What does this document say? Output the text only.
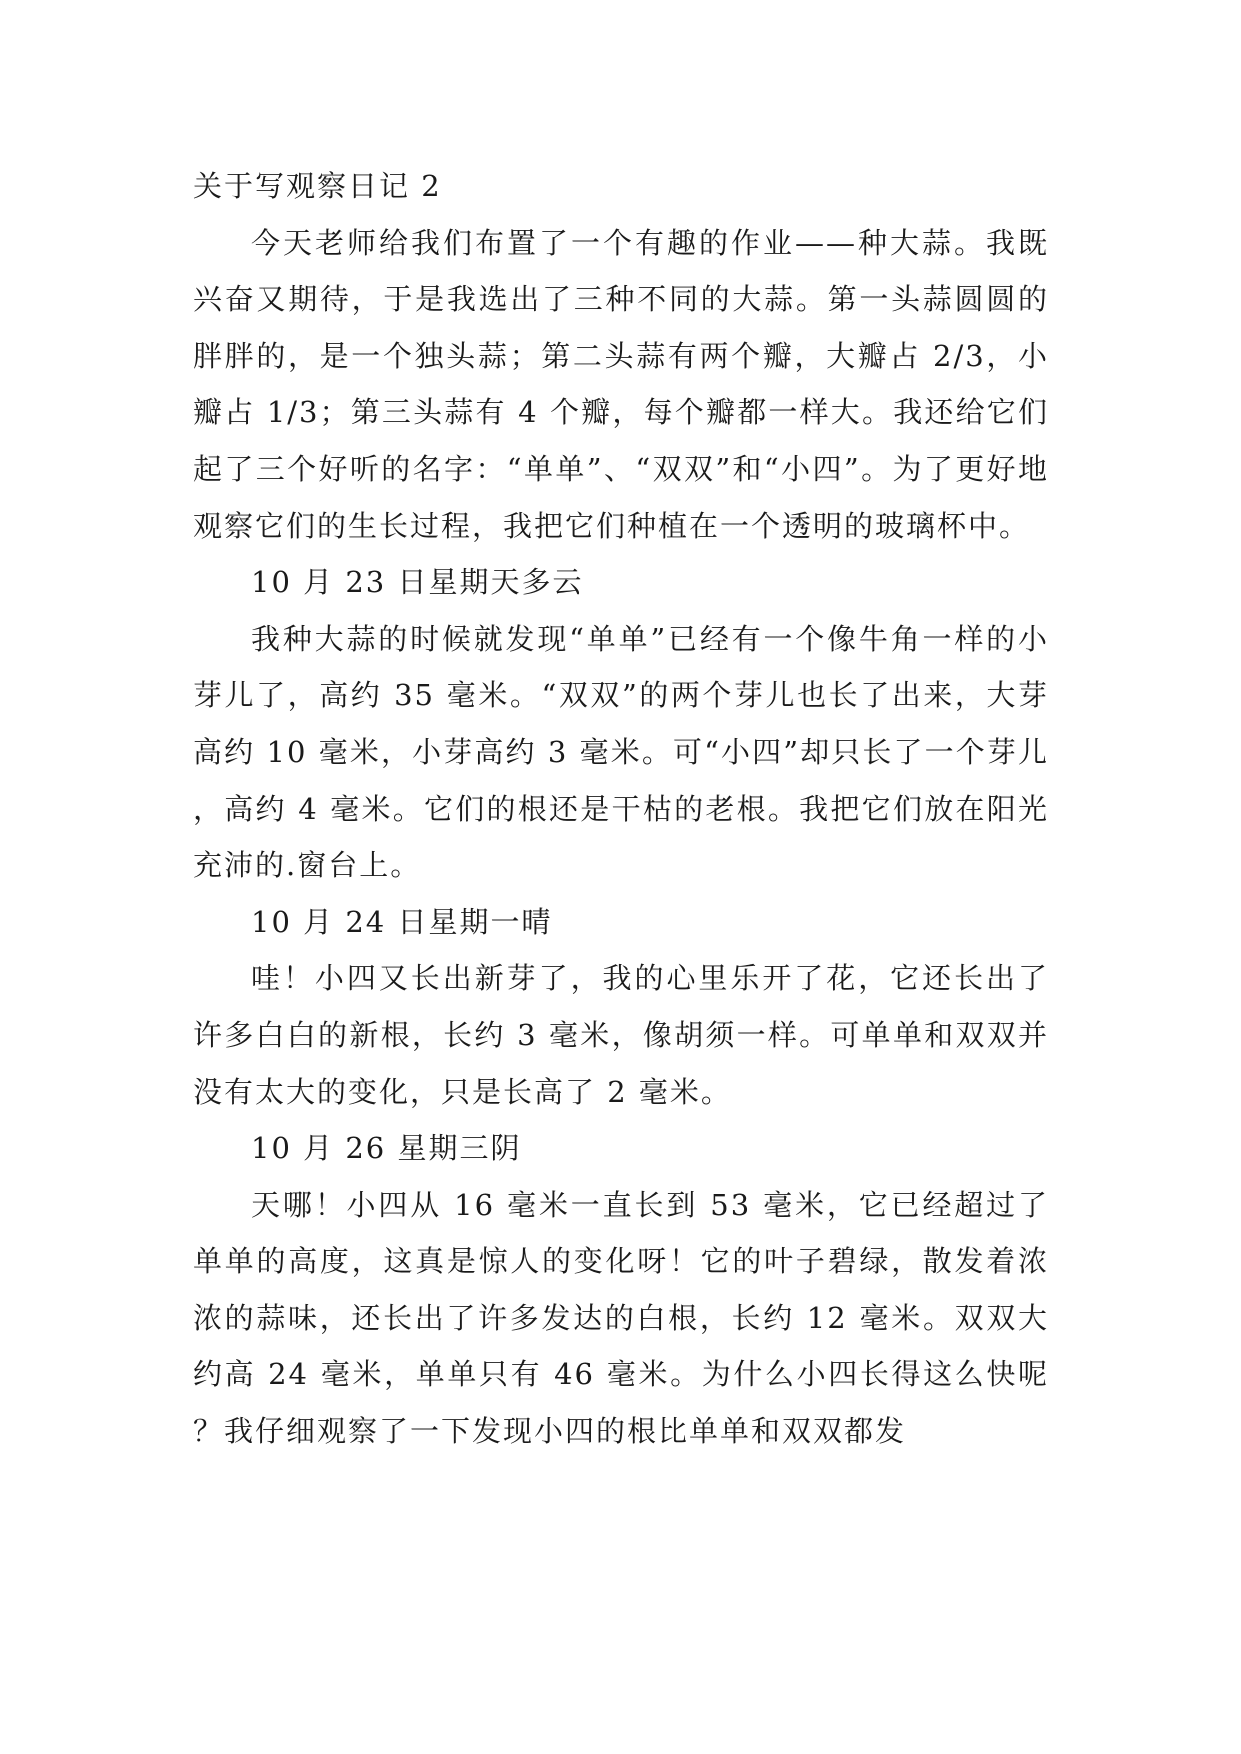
关于写观察日记 2

今天老师给我们布置了一个有趣的作业——种大蒜。我既兴奋又期待，于是我选出了三种不同的大蒜。第一头蒜圆圆的胖胖的，是一个独头蒜；第二头蒜有两个瓣，大瓣占 2/3，小瓣占 1/3；第三头蒜有 4 个瓣，每个瓣都一样大。我还给它们起了三个好听的名字：“单单”、“双双”和“小四”。为了更好地观察它们的生长过程，我把它们种植在一个透明的玻璃杯中。

10 月 23 日星期天多云

我种大蒜的时候就发现“单单”已经有一个像牛角一样的小芽儿了，高约 35 毫米。“双双”的两个芽儿也长了出来，大芽高约 10 毫米，小芽高约 3 毫米。可“小四”却只长了一个芽儿，高约 4 毫米。它们的根还是干枯的老根。我把它们放在阳光充沛的.窗台上。

10 月 24 日星期一晴

哇！小四又长出新芽了，我的心里乐开了花，它还长出了许多白白的新根，长约 3 毫米，像胡须一样。可单单和双双并没有太大的变化，只是长高了 2 毫米。

10 月 26 星期三阴

天哪！小四从 16 毫米一直长到 53 毫米，它已经超过了单单的高度，这真是惊人的变化呀！它的叶子碧绿，散发着浓浓的蒜味，还长出了许多发达的白根，长约 12 毫米。双双大约高 24 毫米，单单只有 46 毫米。为什么小四长得这么快呢？我仔细观察了一下发现小四的根比单单和双双都发
